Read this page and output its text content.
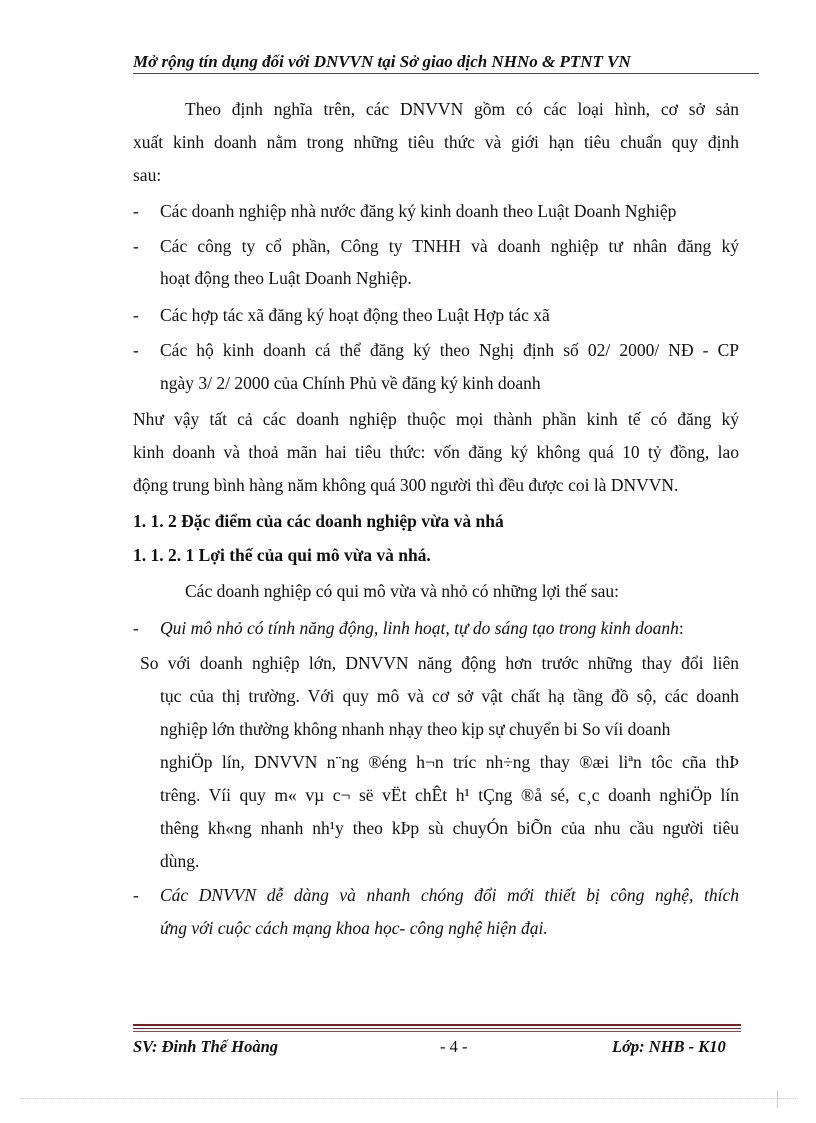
Mở rộng tín dụng đối với DNVVN tại Sở giao dịch NHNo & PTNT VN
Theo định nghĩa trên, các DNVVN gồm có các loại hình, cơ sở sản
xuất kinh doanh nằm trong những tiêu thức và giới hạn tiêu chuẩn quy định
sau:
- Các doanh nghiệp nhà nước đăng ký kinh doanh theo Luật Doanh Nghiệp
- Các công ty cổ phần, Công ty TNHH và doanh nghiệp tư nhân đăng ký
hoạt động theo Luật Doanh Nghiệp.
- Các hợp tác xã đăng ký hoạt động theo Luật Hợp tác xã
- Các hộ kinh doanh cá thể đăng ký theo Nghị định số 02/ 2000/ NĐ - CP
ngày 3/ 2/ 2000 của Chính Phủ về đăng ký kinh doanh
Như vậy tất cả các doanh nghiệp thuộc mọi thành phần kinh tế có đăng ký
kinh doanh và thoả mãn hai tiêu thức: vốn đăng ký không quá 10 tỷ đồng, lao
động trung bình hàng năm không quá 300 người thì đều được coi là DNVVN.
1. 1. 2 Đặc điểm của các doanh nghiệp vừa và nhá
1. 1. 2. 1 Lợi thế của qui mô vừa và nhá.
Các doanh nghiệp có qui mô vừa và nhỏ có những lợi thế sau:
- Qui mô nhỏ có tính năng động, linh hoạt, tự do sáng tạo trong kinh doanh:
So với doanh nghiệp lớn, DNVVN năng động hơn trước những thay đổi liên
tục của thị trường. Với quy mô và cơ sở vật chất hạ tầng đồ sộ, các doanh
nghiệp lớn thường không nhanh nhạy theo kịp sự chuyển bi So víi doanh
nghiÖp lín, DNVVN n¨ng ®éng h¬n tríc nh÷ng thay ®æi liªn tôc cña thÞ
trêng. Víi quy m« vµ c¬ së vËt chÊt h¹ tÇng ®å sé, c¸c doanh nghiÖp lín
thêng kh«ng nhanh nh¹y theo kÞp sù chuyÓn biÕn của nhu cầu người tiêu
dùng.
- Các DNVVN dễ dàng và nhanh chóng đổi mới thiết bị công nghệ, thích
ứng với cuộc cách mạng khoa học- công nghệ hiện đại.
SV: Đinh Thế Hoàng	- 4 -	Lớp: NHB - K10
